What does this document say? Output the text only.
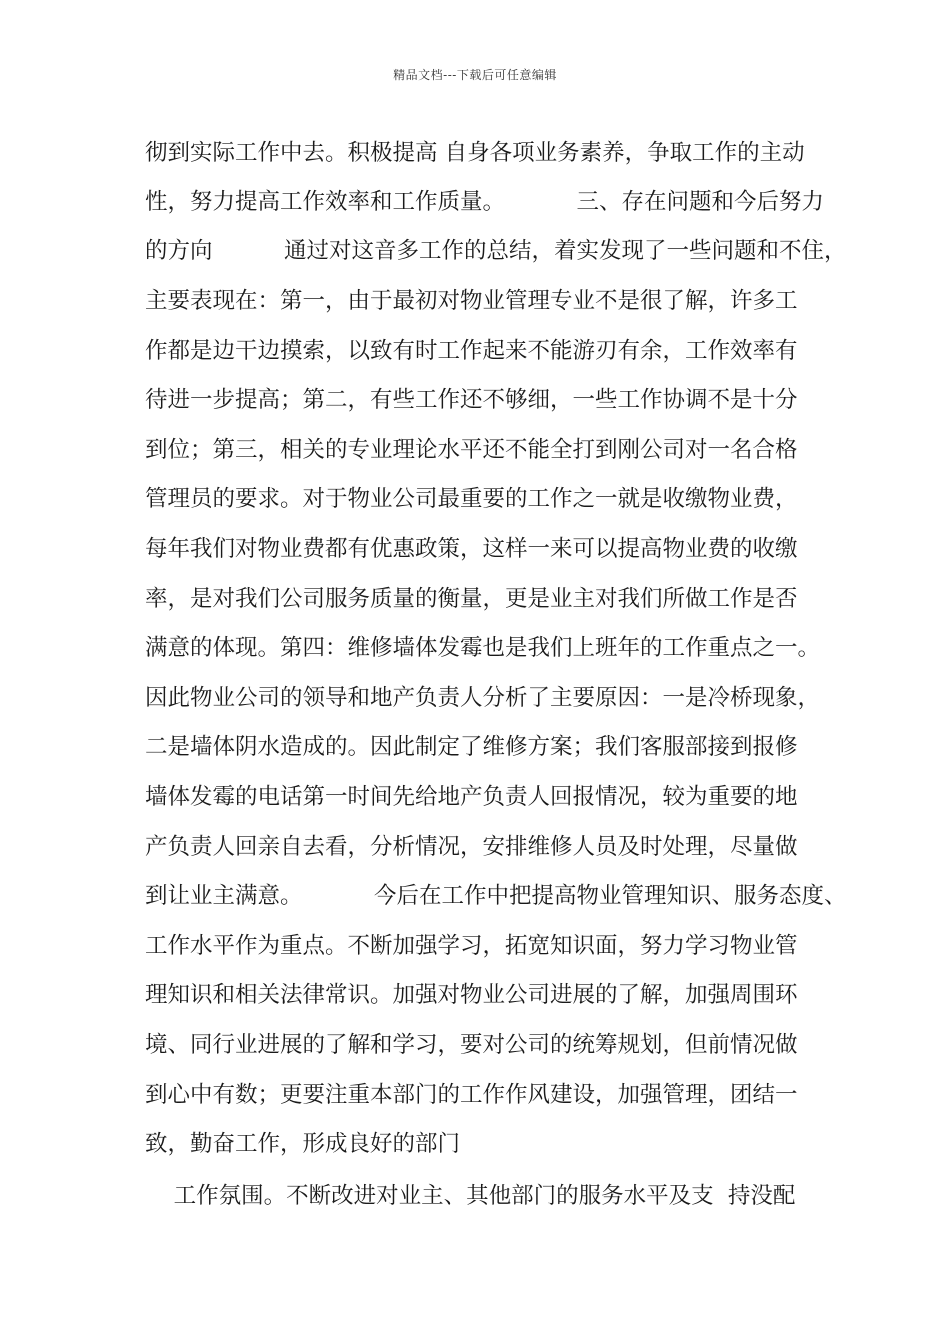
精品文档---下载后可任意编辑
彻到实际工作中去。积极提高 自身各项业务素养，争取工作的主动
性，努力提高工作效率和工作质量。          三、存在问题和今后努力
的方向          通过对这音多工作的总结，着实发现了一些问题和不住，
主要表现在：第一，由于最初对物业管理专业不是很了解，许多工
作都是边干边摸索，以致有时工作起来不能游刃有余，工作效率有
待进一步提高；第二，有些工作还不够细，一些工作协调不是十分
到位；第三，相关的专业理论水平还不能全打到刚公司对一名合格
管理员的要求。对于物业公司最重要的工作之一就是收缴物业费，
每年我们对物业费都有优惠政策，这样一来可以提高物业费的收缴
率，是对我们公司服务质量的衡量，更是业主对我们所做工作是否
满意的体现。第四：维修墙体发霉也是我们上班年的工作重点之一。
因此物业公司的领导和地产负责人分析了主要原因：一是冷桥现象，
二是墙体阴水造成的。因此制定了维修方案；我们客服部接到报修
墙体发霉的电话第一时间先给地产负责人回报情况，较为重要的地
产负责人回亲自去看，分析情况，安排维修人员及时处理，尽量做
到让业主满意。          今后在工作中把提高物业管理知识、服务态度、
工作水平作为重点。不断加强学习，拓宽知识面，努力学习物业管
理知识和相关法律常识。加强对物业公司进展的了解，加强周围环
境、同行业进展的了解和学习，要对公司的统筹规划，但前情况做
到心中有数；更要注重本部门的工作作风建设，加强管理，团结一
致，勤奋工作，形成良好的部门
工作氛围。不断改进对业主、其他部门的服务水平及支  持没配
